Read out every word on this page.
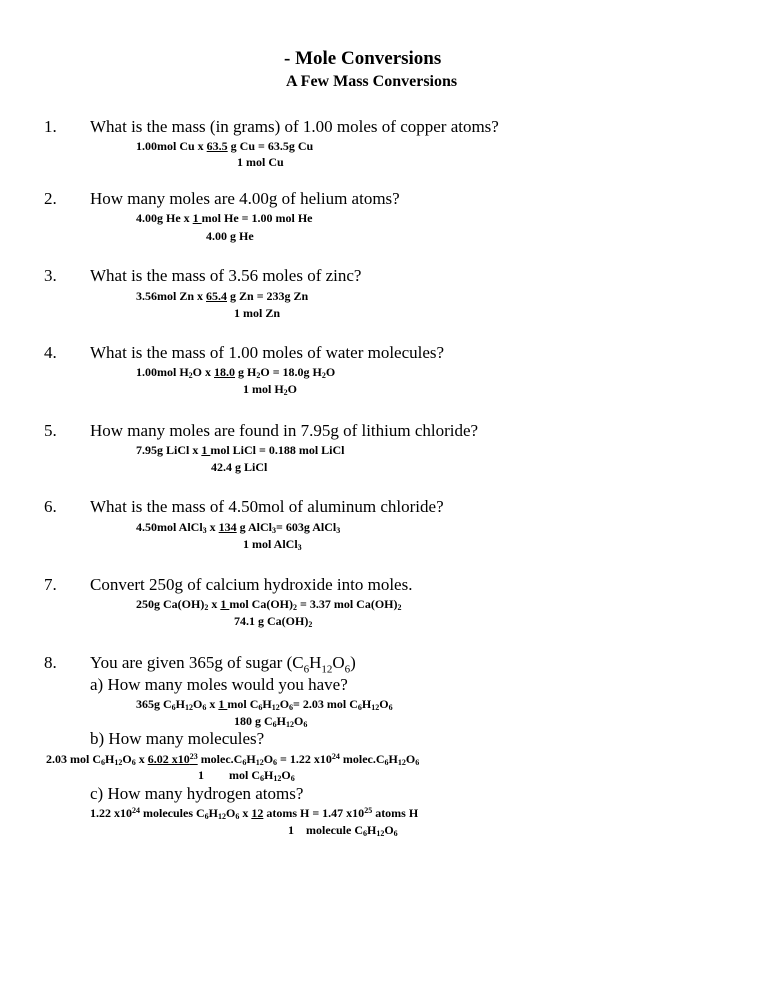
- Mole Conversions
A Few Mass Conversions
1. What is the mass (in grams) of 1.00 moles of copper atoms?
1.00mol Cu x 63.5 g Cu = 63.5g Cu
1 mol Cu
2. How many moles are 4.00g of helium atoms?
4.00g He x 1 mol He = 1.00 mol He
4.00 g He
3. What is the mass of 3.56 moles of zinc?
3.56mol Zn x 65.4 g Zn = 233g Zn
1 mol Zn
4. What is the mass of 1.00 moles of water molecules?
1.00mol $H_2O$ x 18.0 g $H_2O = 18.0g$ $H_2O$
1 mol $H_2O$
5. How many moles are found in 7.95g of lithium chloride?
7.95g LiCl x 1 mol LiCl = 0.188 mol LiCl
42.4 g LiCl
6. What is the mass of 4.50mol of aluminum chloride?
4.50mol AlCl$_3$ x 134 g AlCl$_3$= 603g AlCl$_3$
1 mol AlCl$_3$
7. Convert 250g of calcium hydroxide into moles.
250g $Ca(OH)_2$ x 1 mol $Ca(OH)_2 = 3.37$ mol $Ca(OH)_2$
74.1 g $Ca(OH)_2$
8. You are given 365g of sugar $(C_6H_{12}O_6)$
a) How many moles would you have?
365g $C_6H_{12}O_6$ x 1 mol $C_6H_{12}O_6= 2.03$ mol $C_6H_{12}O_6$
180 g $C_6H_{12}O_6$
b) How many molecules?
2.03 mol $C_6H_{12}O_6$ x 6.02 $x10^{23}$ $molec.C_6H_{12}O_6 = 1.22$ $x10^{24}$ $molec.C_6H_{12}O_6$
1 mol $C_6H_{12}O_6$
c) How many hydrogen atoms?
1.22 $x10^{24}$ molecules $C_6H_{12}O_6$ x 12 atoms H = 1.47 $x10^{25}$ atoms H
1 molecule $C_6H_{12}O_6$
